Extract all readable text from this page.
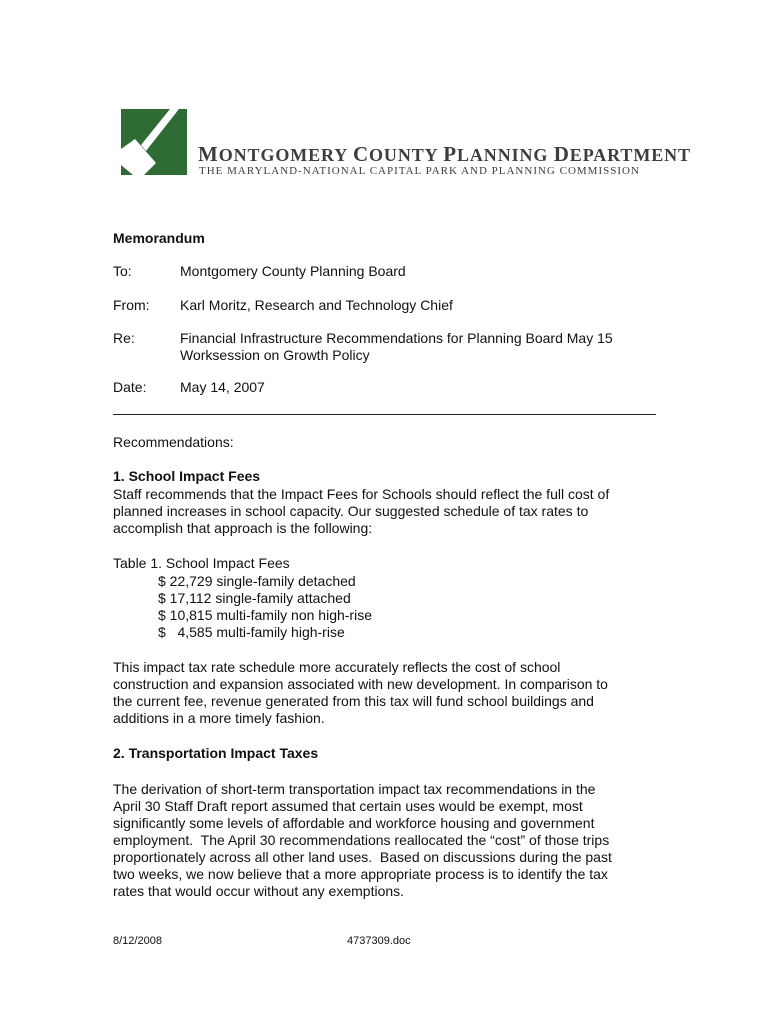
MONTGOMERY COUNTY PLANNING DEPARTMENT
THE MARYLAND-NATIONAL CAPITAL PARK AND PLANNING COMMISSION
Memorandum
To:	Montgomery County Planning Board
From: Karl Moritz, Research and Technology Chief
Re:	Financial Infrastructure Recommendations for Planning Board May 15
Worksession on Growth Policy
Date: May 14, 2007
Recommendations:
1. School Impact Fees
Staff recommends that the Impact Fees for Schools should reflect the full cost of
planned increases in school capacity. Our suggested schedule of tax rates to
accomplish that approach is the following:
Table 1. School Impact Fees
$ 22,729 single-family detached
$ 17,112 single-family attached
$ 10,815 multi-family non high-rise
$   4,585 multi-family high-rise
This impact tax rate schedule more accurately reflects the cost of school
construction and expansion associated with new development. In comparison to
the current fee, revenue generated from this tax will fund school buildings and
additions in a more timely fashion.
2. Transportation Impact Taxes
The derivation of short-term transportation impact tax recommendations in the
April 30 Staff Draft report assumed that certain uses would be exempt, most
significantly some levels of affordable and workforce housing and government
employment.  The April 30 recommendations reallocated the “cost” of those trips
proportionately across all other land uses.  Based on discussions during the past
two weeks, we now believe that a more appropriate process is to identify the tax
rates that would occur without any exemptions.
8/12/2008	4737309.doc
